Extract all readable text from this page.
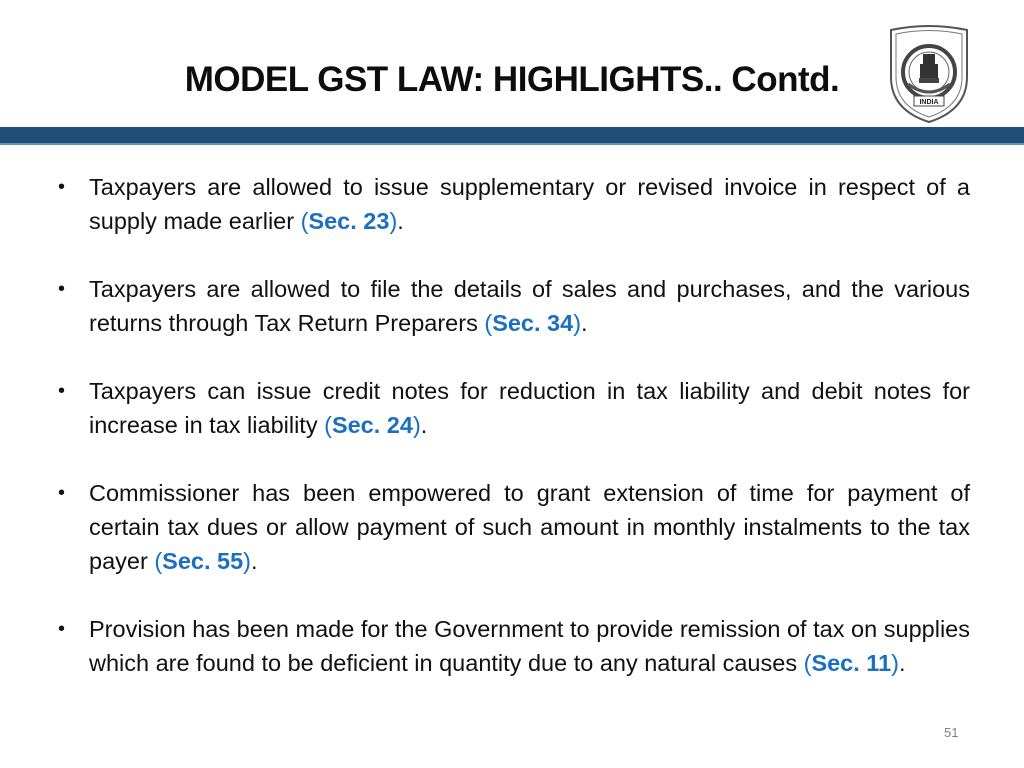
MODEL GST LAW: HIGHLIGHTS.. Contd.
INDIA
•	Taxpayers are allowed to issue supplementary or revised invoice in respect of a supply made earlier (Sec. 23).
•	Taxpayers are allowed to file the details of sales and purchases, and the various returns through Tax Return Preparers (Sec. 34).
•	Taxpayers can issue credit notes for reduction in tax liability and debit notes for increase in tax liability (Sec. 24).
•	Commissioner has been empowered to grant extension of time for payment of certain tax dues or allow payment of such amount in monthly instalments to the tax payer (Sec. 55).
•	Provision has been made for the Government to provide remission of tax on supplies which are found to be deficient in quantity due to any natural causes (Sec. 11).
51
